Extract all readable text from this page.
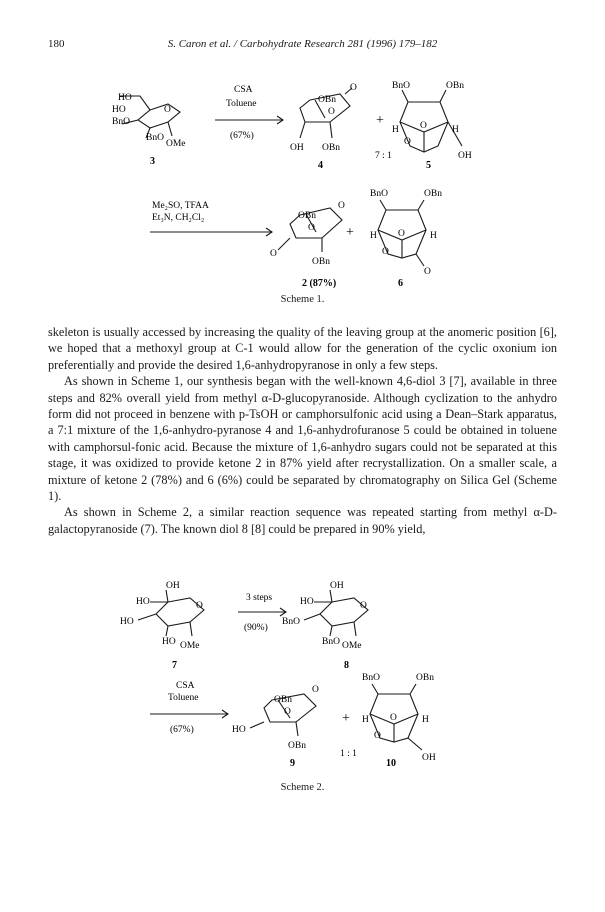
180	S. Caron et al. / Carbohydrate Research 281 (1996) 179–182
HO
HO
BnO
O
BnO
OMe
3
CSA
Toluene
(67%)
OBn
O
O
OH OBn
4
+
7 : 1
BnO	OBn
H	H
O
O
OH
5
Me₂SO, TFAA
Et₃N, CH₂Cl₂	OBn
O
O
O
OBn
2 (87%)
+
BnO	OBn
H	H
O
O
O
6
Scheme 1.

skeleton is usually accessed by increasing the quality of the leaving group at the anomeric position [6], we hoped that a methoxyl group at C-1 would allow for the generation of the cyclic oxonium ion preferentially and provide the desired 1,6-anhydropyranose in only a few steps.

As shown in Scheme 1, our synthesis began with the well-known 4,6-diol 3 [7], available in three steps and 82% overall yield from methyl α-D-glucopyranoside. Although cyclization to the anhydro form did not proceed in benzene with p-TsOH or camphorsulfonic acid using a Dean–Stark apparatus, a 7:1 mixture of the 1,6-anhydro-pyranose 4 and 1,6-anhydrofuranose 5 could be obtained in toluene with camphorsul-fonic acid. Because the mixture of 1,6-anhydro sugars could not be separated at this stage, it was oxidized to provide ketone 2 in 87% yield after recrystallization. On a smaller scale, a mixture of ketone 2 (78%) and 6 (6%) could be separated by chromatography on Silica Gel (Scheme 1).

As shown in Scheme 2, a similar reaction sequence was repeated starting from methyl α-D-galactopyranoside (7). The known diol 8 [8] could be prepared in 90% yield,

OH
HO	O
HO
HO OMe
7
3 steps
(90%)
OH
HO	O
BnO
BnO OMe
8
CSA
Toluene
(67%)
OBn
O
O
HO
OBn
9
+
1 : 1
BnO	OBn
H	H
O
O
OH
10
Scheme 2.
